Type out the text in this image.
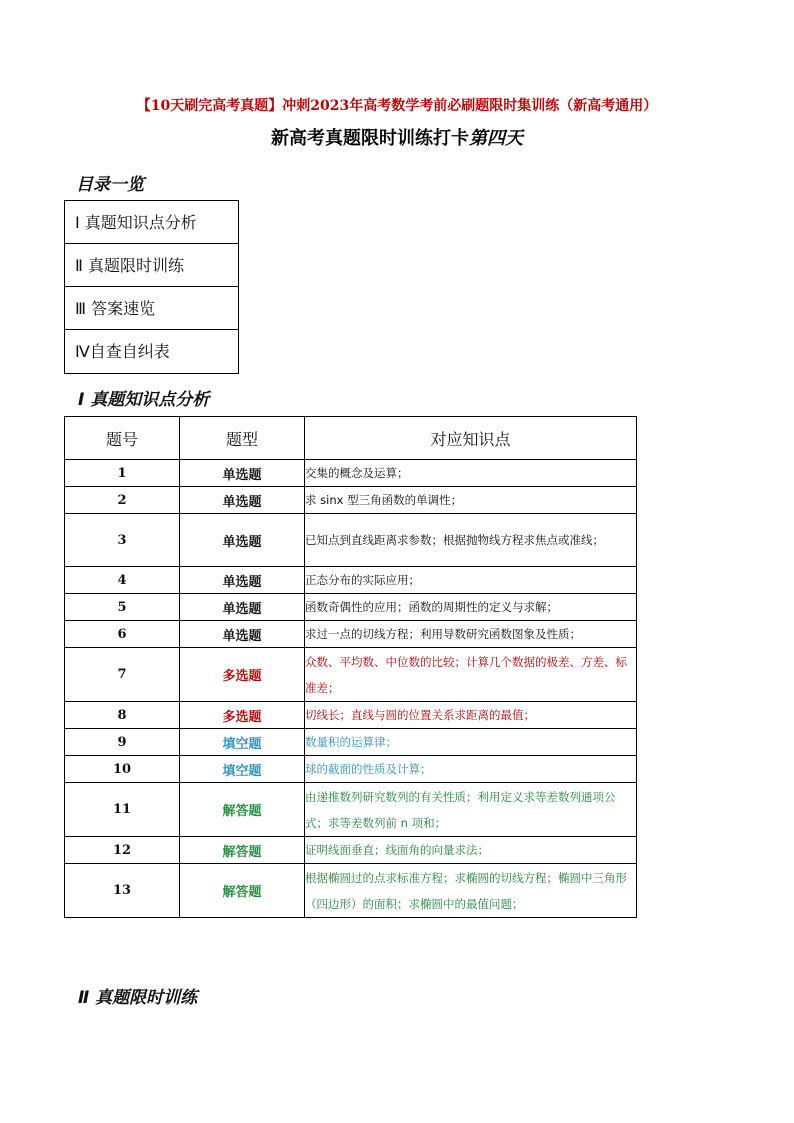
【10天刷完高考真题】冲刺2023年高考数学考前必刷题限时集训练（新高考通用）
新高考真题限时训练打卡第四天
目录一览
Ⅰ 真题知识点分析
Ⅱ 真题限时训练
Ⅲ 答案速览
Ⅳ自查自纠表
Ⅰ 真题知识点分析
题号	题型	对应知识点
1	单选题	交集的概念及运算；
2	单选题	求 sinx 型三角函数的单调性；
3	单选题	已知点到直线距离求参数；根据抛物线方程求焦点或准线；
4	单选题	正态分布的实际应用；
5	单选题	函数奇偶性的应用；函数的周期性的定义与求解；
6	单选题	求过一点的切线方程；利用导数研究函数图象及性质；
7	多选题	众数、平均数、中位数的比较；计算几个数据的极差、方差、标准差；
8	多选题	切线长；直线与圆的位置关系求距离的最值；
9	填空题	数量积的运算律；
10	填空题	球的截面的性质及计算；
11	解答题	由递推数列研究数列的有关性质；利用定义求等差数列通项公式；求等差数列前 n 项和；
12	解答题	证明线面垂直；线面角的向量求法；
13	解答题	根据椭圆过的点求标准方程；求椭圆的切线方程；椭圆中三角形（四边形）的面积；求椭圆中的最值问题；
Ⅱ 真题限时训练
